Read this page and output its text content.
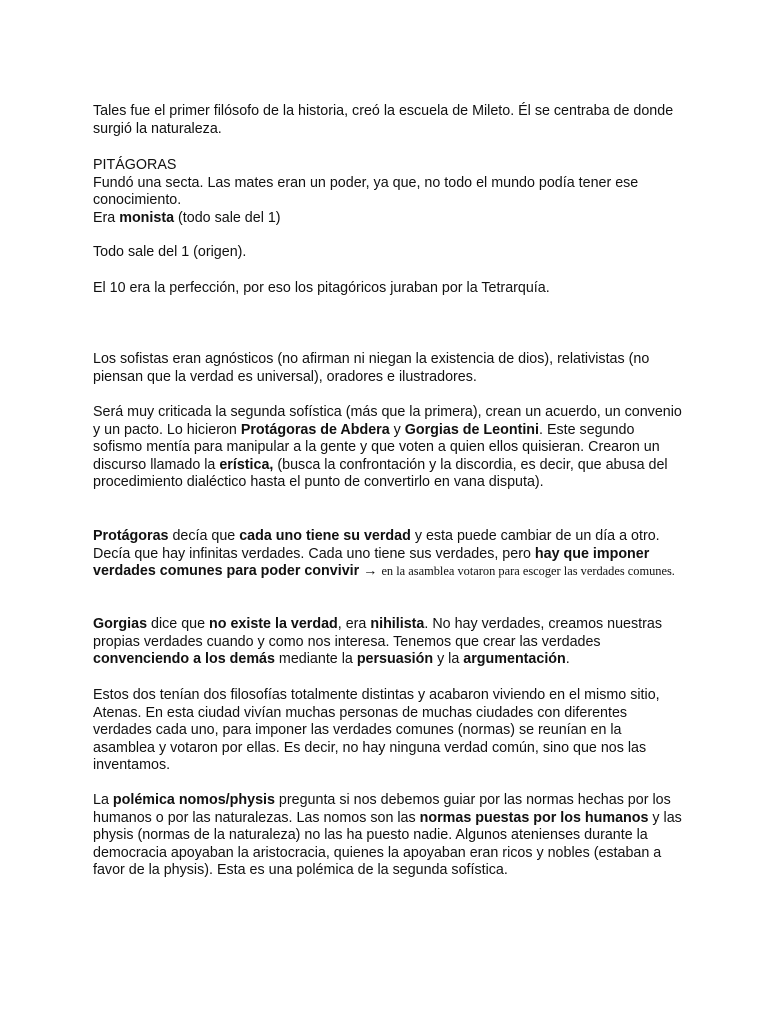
Tales fue el primer filósofo de la historia, creó la escuela de Mileto. Él se centraba de donde surgió la naturaleza.

PITÁGORAS

Fundó una secta. Las mates eran un poder, ya que, no todo el mundo podía tener ese conocimiento.

Era monista (todo sale del 1)

Todo sale del 1 (origen).

El 10 era la perfección, por eso los pitagóricos juraban por la Tetrarquía.

Los sofistas eran agnósticos (no afirman ni niegan la existencia de dios), relativistas (no piensan que la verdad es universal), oradores e ilustradores.

Será muy criticada la segunda sofística (más que la primera), crean un acuerdo, un convenio y un pacto. Lo hicieron Protágoras de Abdera y Gorgias de Leontini. Este segundo sofismo mentía para manipular a la gente y que voten a quien ellos quisieran. Crearon un discurso llamado la erística, (busca la confrontación y la discordia, es decir, que abusa del procedimiento dialéctico hasta el punto de convertirlo en vana disputa).

Protágoras decía que cada uno tiene su verdad y esta puede cambiar de un día a otro. Decía que hay infinitas verdades. Cada uno tiene sus verdades, pero hay que imponer verdades comunes para poder convivir → en la asamblea votaron para escoger las verdades comunes.

Gorgias dice que no existe la verdad, era nihilista. No hay verdades, creamos nuestras propias verdades cuando y como nos interesa. Tenemos que crear las verdades convenciendo a los demás mediante la persuasión y la argumentación.

Estos dos tenían dos filosofías totalmente distintas y acabaron viviendo en el mismo sitio, Atenas. En esta ciudad vivían muchas personas de muchas ciudades con diferentes verdades cada uno, para imponer las verdades comunes (normas) se reunían en la asamblea y votaron por ellas. Es decir, no hay ninguna verdad común, sino que nos las inventamos.

La polémica nomos/physis pregunta si nos debemos guiar por las normas hechas por los humanos o por las naturalezas. Las nomos son las normas puestas por los humanos y las physis (normas de la naturaleza) no las ha puesto nadie. Algunos atenienses durante la democracia apoyaban la aristocracia, quienes la apoyaban eran ricos y nobles (estaban a favor de la physis). Esta es una polémica de la segunda sofística.
